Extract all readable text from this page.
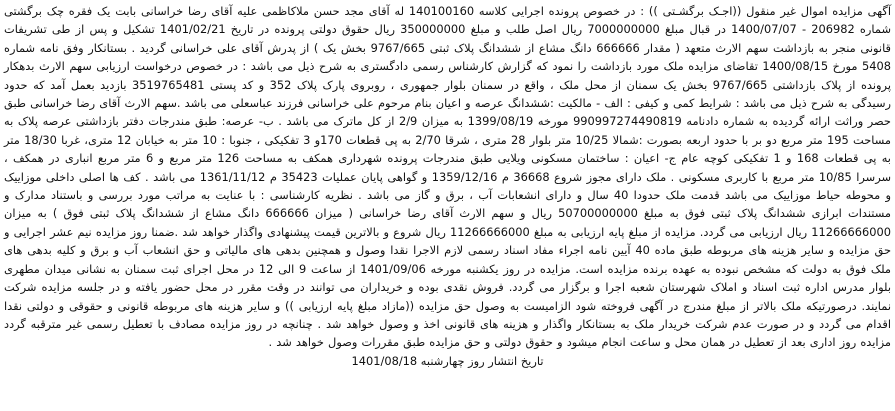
آگهی مزایده اموال غیر منقول ((اجـک برگشـتی )) : در خصوص پرونده اجرایی کلاسه 140100160 له آقای مجد حسن ملاکاظمی علیه آقای رضا خراسانی بابت یک فقره چک برگشتی شماره 206982 - 1400/07/07 در قبال مبلغ 7000000000 ریال اصل طلب و مبلغ 350000000 ریال حقوق دولتی پرونده در تاریخ 1401/02/21 تشکیل و پس از طی تشریفات قانونی منجر به بازداشت سهم الارث متعهد ( مقدار 666666 دانگ مشاع از ششدانگ پلاک ثبتی 9767/665 بخش یک ) از پدرش آقای علی خراسانی گردید . بستانکار وفق نامه شماره 5408 مورخ 1400/08/15 تقاضای مزایده ملک مورد بازداشت را نمود که گزارش کارشناس رسمی دادگستری به شرح ذیل می باشد : در خصوص درخواست ارزیابی سهم الارث بدهکار پرونده از پلاک بازداشتی 9767/665 بخش یک سمنان از محل ملک ، واقع در سمنان بلوار جمهوری ، روبروی پارک پلاک 352 و کد پستی 3519765481 بازدید بعمل آمد که حدود رسیدگی به شرح ذیل می باشد : شرایط کمی و کیفی : الف - مالکیت :ششدانگ عرصه و اعیان بنام مرحوم علی خراسانی فرزند عباسعلی می باشد .سهم الارث آقای رضا خراسانی طبق حصر وراثت ارائه گردیده به شماره دادنامه 990997274490819 مورخه 1399/08/19 به میزان 2/9 از کل ماترک می باشد . ب- عرصه: طبق مندرجات دفتر بازداشتی عرصه پلاک به مساحت 195 متر مربع دو بر با حدود اربعه بصورت :شمالا 10/25 متر بلوار 28 متری ، شرقا 2/70 به پی قطعات 170و 3 تفکیکی ، جنوبا : 10 متر به خیابان 12 متری، غربا 18/30 متر به پی قطعات 168 و 1 تفکیکی کوچه عام ج- اعیان : ساختمان مسکونی ویلایی طبق مندرجات پرونده شهرداری همکف به مساحت 126 متر مربع و 6 متر مربع انباری در همکف ، سرسرا 10/85 متر مربع با کاربری مسکونی . ملک دارای مجوز شروع 36668 م 1359/12/16 و گواهی پایان عملیات 35423 م 1361/11/12 می باشد . کف ها اصلی داخلی موزاییک و محوطه حیاط موزاییک می باشد قدمت ملک حدودا 40 سال و دارای انشعابات آب ، برق و گاز می باشد . نظریه کارشناسی : با عنایت به مراتب مورد بررسی و باستناد مدارک و مستندات ابرازی ششدانگ پلاک ثبتی فوق به مبلغ 50700000000 ریال و سهم الارث آقای رضا خراسانی ( میزان 666666 دانگ مشاع از ششدانگ پلاک ثبتی فوق ) به میزان 11266666000 ریال ارزیابی می گردد. مزایده از مبلغ پایه ارزیابی به مبلغ 11266666000 ریال شروع و بالاترین قیمت پیشنهادی واگذار خواهد شد .ضمنا روز مزایده نیم عشر اجرایی و حق مزایده و سایر هزینه های مربوطه طبق ماده 40 آیین نامه اجراء مفاد اسناد رسمی لازم الاجرا نقدا وصول و همچنین بدهی های مالیاتی و حق انشعاب آب و برق و کلیه بدهی های ملک فوق به دولت که مشخص نبوده به عهده برنده مزایده است. مزایده در روز یکشنبه مورخه 1401/09/06 از ساعت 9 الی 12 در محل اجرای ثبت سمنان به نشانی میدان مطهری بلوار مدرس اداره ثبت اسناد و املاک شهرستان شعبه اجرا و برگزار می گردد. فروش نقدی بوده و خریداران می توانند در وقت مقرر در محل حضور یافته و در جلسه مزایده شرکت نمایند. درصورتیکه ملک بالاتر از مبلغ مندرج در آگهی فروخته شود الزامیست به وصول حق مزایده ((مازاد مبلغ پایه ارزیابی )) و سایر هزینه های مربوطه قانونی و حقوقی و دولتی نقدا اقدام می گردد و در صورت عدم شرکت خریدار ملک به بستانکار واگذار و هزینه های قانونی اخذ و وصول خواهد شد . چنانچه در روز مزایده مصادف با تعطیل رسمی غیر مترقبه گردد مزایده روز اداری بعد از تعطیل در همان محل و ساعت انجام میشود و حقوق دولتی و حق مزایده طبق مقررات وصول خواهد شد .

تاریخ انتشار روز چهارشنبه 1401/08/18
